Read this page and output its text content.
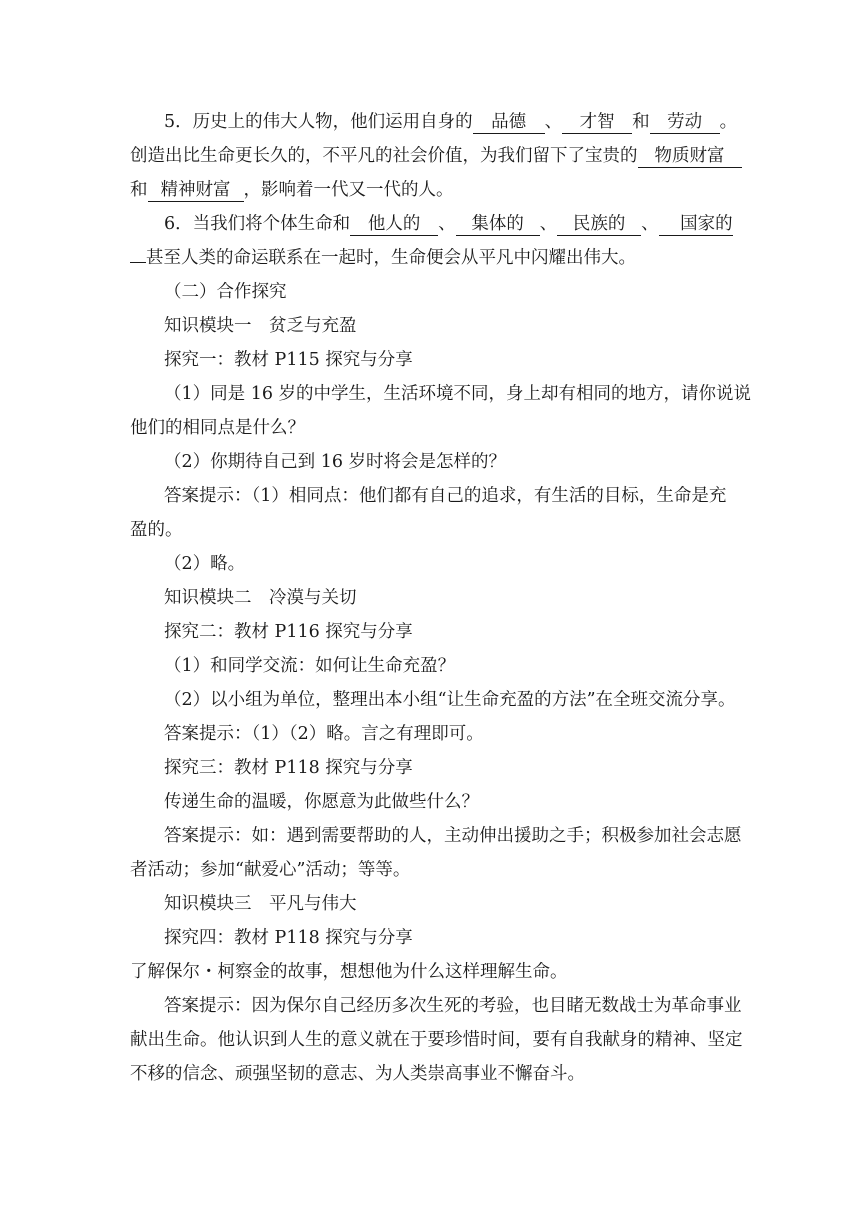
5．历史上的伟大人物，他们运用自身的 品德 、 才智 和 劳动 。
创造出比生命更长久的，不平凡的社会价值，为我们留下了宝贵的 物质财富
和 精神财富 ，影响着一代又一代的人。
6．当我们将个体生命和 他人的 、 集体的 、 民族的 、 国家的
甚至人类的命运联系在一起时，生命便会从平凡中闪耀出伟大。
（二）合作探究
知识模块一　贫乏与充盈
探究一：教材 P115 探究与分享
（1）同是 16 岁的中学生，生活环境不同，身上却有相同的地方，请你说说
他们的相同点是什么？
（2）你期待自己到 16 岁时将会是怎样的？
答案提示：（1）相同点：他们都有自己的追求，有生活的目标，生命是充
盈的。
（2）略。
知识模块二　冷漠与关切
探究二：教材 P116 探究与分享
（1）和同学交流：如何让生命充盈？
（2）以小组为单位，整理出本小组“让生命充盈的方法”在全班交流分享。
答案提示：（1）（2）略。言之有理即可。
探究三：教材 P118 探究与分享
传递生命的温暖，你愿意为此做些什么？
答案提示：如：遇到需要帮助的人，主动伸出援助之手；积极参加社会志愿
者活动；参加“献爱心”活动；等等。
知识模块三　平凡与伟大
探究四：教材 P118 探究与分享
了解保尔・柯察金的故事，想想他为什么这样理解生命。
答案提示：因为保尔自己经历多次生死的考验，也目睹无数战士为革命事业
献出生命。他认识到人生的意义就在于要珍惜时间，要有自我献身的精神、坚定
不移的信念、顽强坚韧的意志、为人类崇高事业不懈奋斗。
